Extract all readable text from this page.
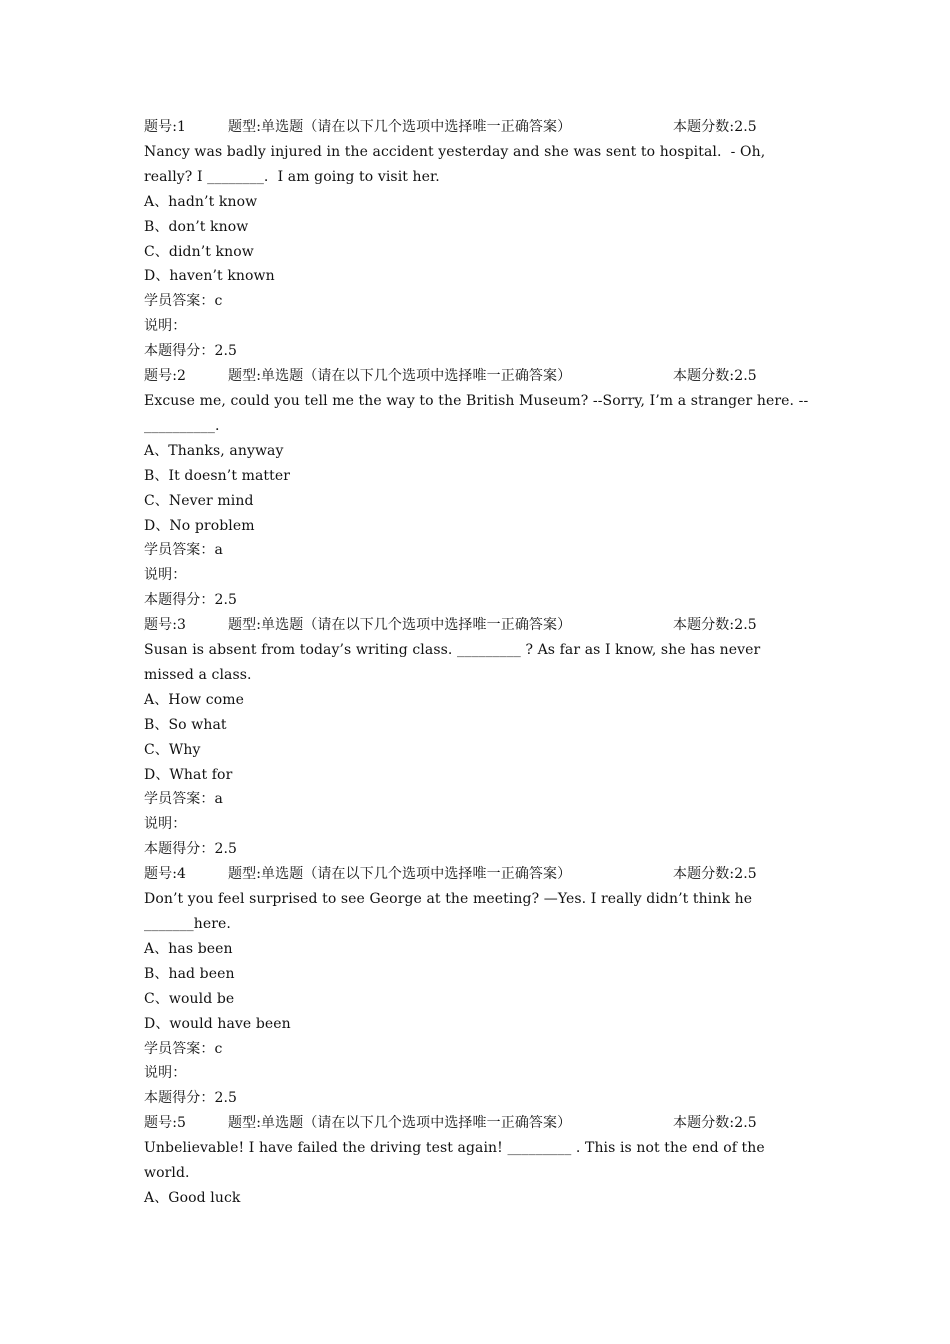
题号:1	题型:单选题（请在以下几个选项中选择唯一正确答案）	本题分数:2.5
Nancy was badly injured in the accident yesterday and she was sent to hospital.  - Oh, really? I ________.  I am going to visit her.
A、hadn’t know
B、don’t know
C、didn’t know
D、haven’t known
学员答案：c
说明：
本题得分：2.5
题号:2	题型:单选题（请在以下几个选项中选择唯一正确答案）	本题分数:2.5
Excuse me, could you tell me the way to the British Museum? --Sorry, I’m a stranger here. --__________.
A、Thanks, anyway
B、It doesn’t matter
C、Never mind
D、No problem
学员答案：a
说明：
本题得分：2.5
题号:3	题型:单选题（请在以下几个选项中选择唯一正确答案）	本题分数:2.5
Susan is absent from today’s writing class. _________ ? As far as I know, she has never missed a class.
A、How come
B、So what
C、Why
D、What for
学员答案：a
说明：
本题得分：2.5
题号:4	题型:单选题（请在以下几个选项中选择唯一正确答案）	本题分数:2.5
Don’t you feel surprised to see George at the meeting? —Yes. I really didn’t think he _______here.
A、has been
B、had been
C、would be
D、would have been
学员答案：c
说明：
本题得分：2.5
题号:5	题型:单选题（请在以下几个选项中选择唯一正确答案）	本题分数:2.5
Unbelievable! I have failed the driving test again! _________ . This is not the end of the world.
A、Good luck
